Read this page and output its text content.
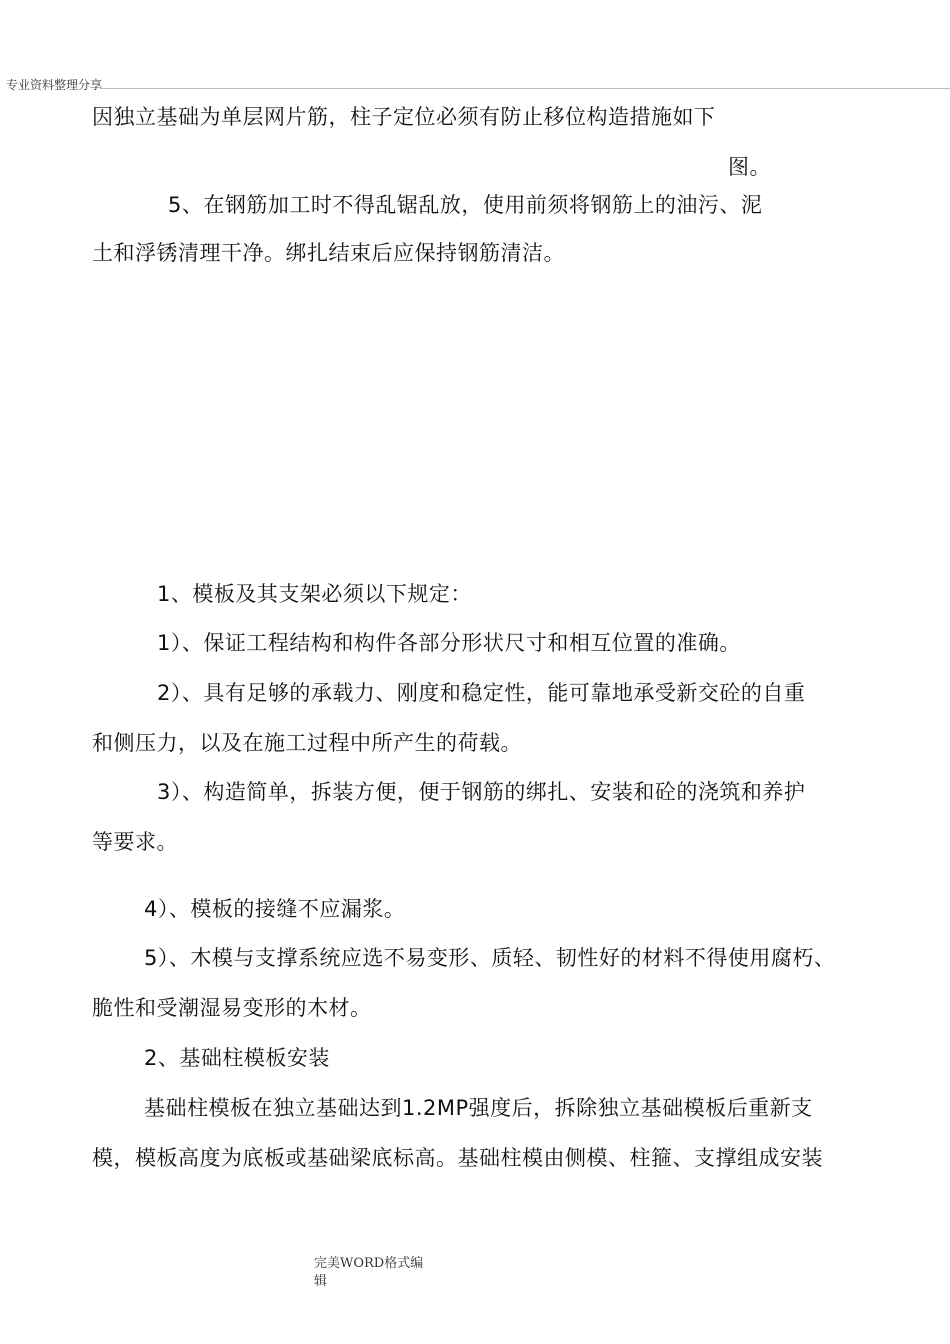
专业资料整理分享
因独立基础为单层网片筋，柱子定位必须有防止移位构造措施如下
图。
5、在钢筋加工时不得乱锯乱放，使用前须将钢筋上的油污、泥
土和浮锈清理干净。绑扎结束后应保持钢筋清洁。
1、模板及其支架必须以下规定：
1）、保证工程结构和构件各部分形状尺寸和相互位置的准确。
2）、具有足够的承载力、刚度和稳定性，能可靠地承受新交砼的自重
和侧压力，以及在施工过程中所产生的荷载。
3）、构造简单，拆装方便，便于钢筋的绑扎、安装和砼的浇筑和养护
等要求。
4）、模板的接缝不应漏浆。
5）、木模与支撑系统应选不易变形、质轻、韧性好的材料不得使用腐朽、
脆性和受潮湿易变形的木材。
2、基础柱模板安装
基础柱模板在独立基础达到1.2MP强度后，拆除独立基础模板后重新支
模，模板高度为底板或基础梁底标高。基础柱模由侧模、柱箍、支撑组成安装
完美WORD格式编辑
